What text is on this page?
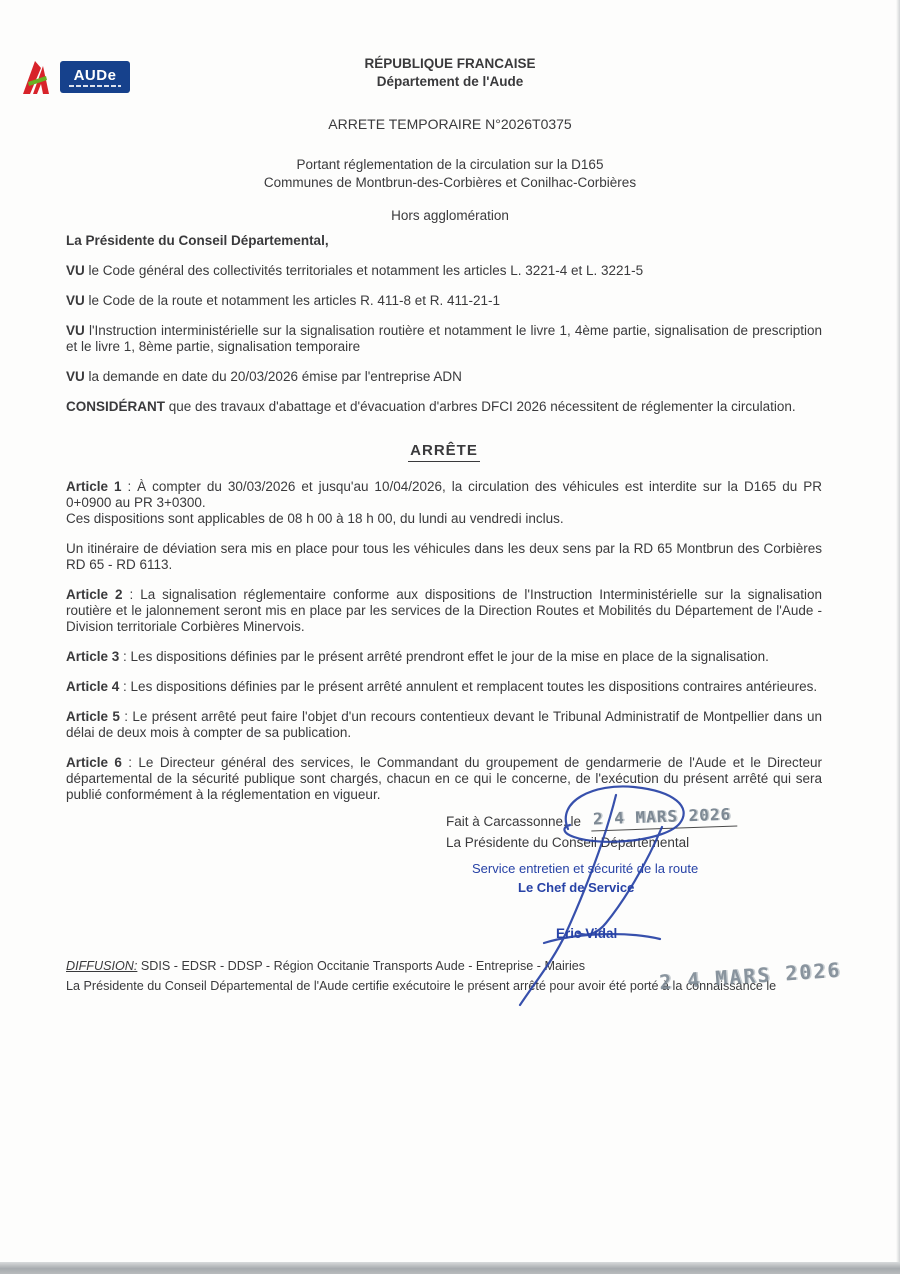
AUDe
RÉPUBLIQUE FRANCAISE
Département de l'Aude
ARRETE TEMPORAIRE N°2026T0375
Portant réglementation de la circulation sur la D165
Communes de Montbrun-des-Corbières et Conilhac-Corbières
Hors agglomération
La Présidente du Conseil Départemental,

VU le Code général des collectivités territoriales et notamment les articles L. 3221-4 et L. 3221-5

VU le Code de la route et notamment les articles R. 411-8 et R. 411-21-1

VU l'Instruction interministérielle sur la signalisation routière et notamment le livre 1, 4ème partie, signalisation de prescription et le livre 1, 8ème partie, signalisation temporaire

VU la demande en date du 20/03/2026 émise par l'entreprise ADN

CONSIDÉRANT que des travaux d'abattage et d'évacuation d'arbres DFCI 2026 nécessitent de réglementer la circulation.

ARRÊTE

Article 1 : À compter du 30/03/2026 et jusqu'au 10/04/2026, la circulation des véhicules est interdite sur la D165 du PR 0+0900 au PR 3+0300.
Ces dispositions sont applicables de 08 h 00 à 18 h 00, du lundi au vendredi inclus.

Un itinéraire de déviation sera mis en place pour tous les véhicules dans les deux sens par la RD 65 Montbrun des Corbières RD 65 - RD 6113.

Article 2 : La signalisation réglementaire conforme aux dispositions de l'Instruction Interministérielle sur la signalisation routière et le jalonnement seront mis en place par les services de la Direction Routes et Mobilités du Département de l'Aude - Division territoriale Corbières Minervois.

Article 3 : Les dispositions définies par le présent arrêté prendront effet le jour de la mise en place de la signalisation.

Article 4 : Les dispositions définies par le présent arrêté annulent et remplacent toutes les dispositions contraires antérieures.

Article 5 : Le présent arrêté peut faire l'objet d'un recours contentieux devant le Tribunal Administratif de Montpellier dans un délai de deux mois à compter de sa publication.

Article 6 : Le Directeur général des services, le Commandant du groupement de gendarmerie de l'Aude et le Directeur départemental de la sécurité publique sont chargés, chacun en ce qui le concerne, de l'exécution du présent arrêté qui sera publié conformément à la réglementation en vigueur.

Fait à Carcassonne, le 2 4 MARS 2026
La Présidente du Conseil Départemental
Service entretien et sécurité de la route
Le Chef de Service
Eric Vidal

DIFFUSION: SDIS - EDSR - DDSP - Région Occitanie Transports Aude - Entreprise - Mairies

La Présidente du Conseil Départemental de l'Aude certifie exécutoire le présent arrêté pour avoir été porté à la connaissance le

2 4 MARS 2026
